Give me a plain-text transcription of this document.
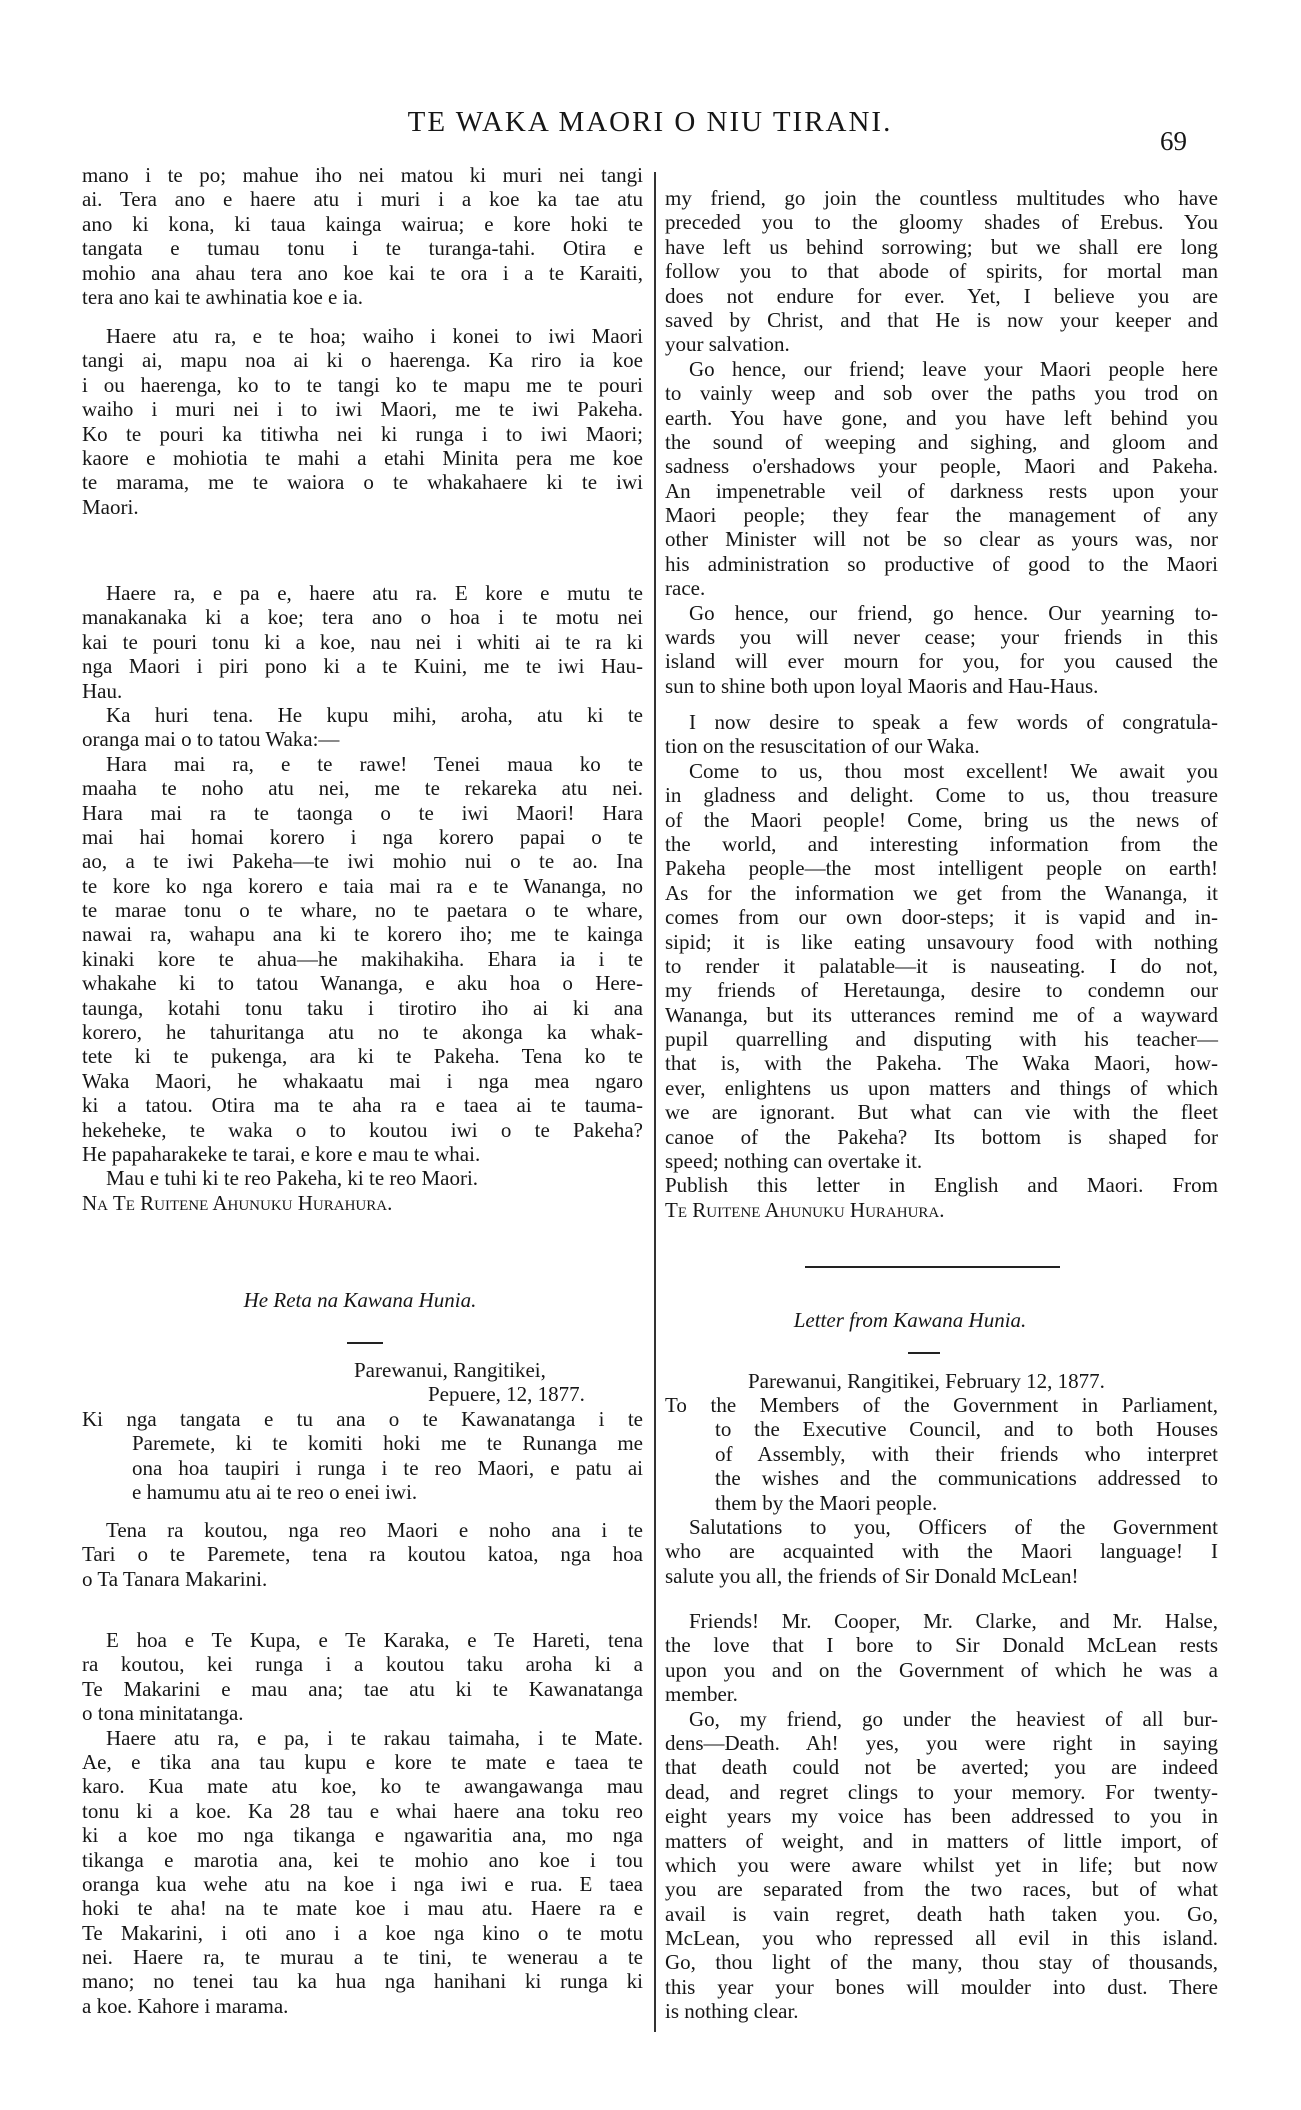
TE WAKA MAORI O NIU TIRANI.
69
mano i te po; mahue iho nei matou ki muri nei tangi
ai. Tera ano e haere atu i muri i a koe ka tae atu
ano ki kona, ki taua kainga wairua; e kore hoki te
tangata e tumau tonu i te turanga-tahi. Otira e
mohio ana ahau tera ano koe kai te ora i a te Karaiti,
tera ano kai te awhinatia koe e ia.
Haere atu ra, e te hoa; waiho i konei to iwi Maori
tangi ai, mapu noa ai ki o haerenga. Ka riro ia koe
i ou haerenga, ko to te tangi ko te mapu me te pouri
waiho i muri nei i to iwi Maori, me te iwi Pakeha.
Ko te pouri ka titiwha nei ki runga i to iwi Maori;
kaore e mohiotia te mahi a etahi Minita pera me koe
te marama, me te waiora o te whakahaere ki te iwi
Maori.
Haere ra, e pa e, haere atu ra. E kore e mutu te
manakanaka ki a koe; tera ano o hoa i te motu nei
kai te pouri tonu ki a koe, nau nei i whiti ai te ra ki
nga Maori i piri pono ki a te Kuini, me te iwi Hau-
Hau.
Ka huri tena. He kupu mihi, aroha, atu ki te
oranga mai o to tatou Waka:—
Hara mai ra, e te rawe! Tenei maua ko te
maaha te noho atu nei, me te rekareka atu nei.
Hara mai ra te taonga o te iwi Maori! Hara
mai hai homai korero i nga korero papai o te
ao, a te iwi Pakeha—te iwi mohio nui o te ao. Ina
te kore ko nga korero e taia mai ra e te Wananga, no
te marae tonu o te whare, no te paetara o te whare,
nawai ra, wahapu ana ki te korero iho; me te kainga
kinaki kore te ahua—he makihakiha. Ehara ia i te
whakahe ki to tatou Wananga, e aku hoa o Here-
taunga, kotahi tonu taku i tirotiro iho ai ki ana
korero, he tahuritanga atu no te akonga ka whak-
tete ki te pukenga, ara ki te Pakeha. Tena ko te
Waka Maori, he whakaatu mai i nga mea ngaro
ki a tatou. Otira ma te aha ra e taea ai te tauma-
hekeheke, te waka o to koutou iwi o te Pakeha?
He papaharakeke te tarai, e kore e mau te whai.
Mau e tuhi ki te reo Pakeha, ki te reo Maori.
Na Te Ruitene Ahunuku Hurahura.
He Reta na Kawana Hunia.
Parewanui, Rangitikei,
Pepuere, 12, 1877.
Ki nga tangata e tu ana o te Kawanatanga i te
Paremete, ki te komiti hoki me te Runanga me
ona hoa taupiri i runga i te reo Maori, e patu ai
e hamumu atu ai te reo o enei iwi.
Tena ra koutou, nga reo Maori e noho ana i te
Tari o te Paremete, tena ra koutou katoa, nga hoa
o Ta Tanara Makarini.
E hoa e Te Kupa, e Te Karaka, e Te Hareti, tena
ra koutou, kei runga i a koutou taku aroha ki a
Te Makarini e mau ana; tae atu ki te Kawanatanga
o tona minitatanga.
Haere atu ra, e pa, i te rakau taimaha, i te Mate.
Ae, e tika ana tau kupu e kore te mate e taea te
karo. Kua mate atu koe, ko te awangawanga mau
tonu ki a koe. Ka 28 tau e whai haere ana toku reo
ki a koe mo nga tikanga e ngawaritia ana, mo nga
tikanga e marotia ana, kei te mohio ano koe i tou
oranga kua wehe atu na koe i nga iwi e rua. E taea
hoki te aha! na te mate koe i mau atu. Haere ra e
Te Makarini, i oti ano i a koe nga kino o te motu
nei. Haere ra, te murau a te tini, te wenerau a te
mano; no tenei tau ka hua nga hanihani ki runga ki
a koe. Kahore i marama.
my friend, go join the countless multitudes who have
preceded you to the gloomy shades of Erebus. You
have left us behind sorrowing; but we shall ere long
follow you to that abode of spirits, for mortal man
does not endure for ever. Yet, I believe you are
saved by Christ, and that He is now your keeper and
your salvation.
Go hence, our friend; leave your Maori people here
to vainly weep and sob over the paths you trod on
earth. You have gone, and you have left behind you
the sound of weeping and sighing, and gloom and
sadness o'ershadows your people, Maori and Pakeha.
An impenetrable veil of darkness rests upon your
Maori people; they fear the management of any
other Minister will not be so clear as yours was, nor
his administration so productive of good to the Maori
race.
Go hence, our friend, go hence. Our yearning to-
wards you will never cease; your friends in this
island will ever mourn for you, for you caused the
sun to shine both upon loyal Maoris and Hau-Haus.
I now desire to speak a few words of congratula-
tion on the resuscitation of our Waka.
Come to us, thou most excellent! We await you
in gladness and delight. Come to us, thou treasure
of the Maori people! Come, bring us the news of
the world, and interesting information from the
Pakeha people—the most intelligent people on earth!
As for the information we get from the Wananga, it
comes from our own door-steps; it is vapid and in-
sipid; it is like eating unsavoury food with nothing
to render it palatable—it is nauseating. I do not,
my friends of Heretaunga, desire to condemn our
Wananga, but its utterances remind me of a wayward
pupil quarrelling and disputing with his teacher—
that is, with the Pakeha. The Waka Maori, how-
ever, enlightens us upon matters and things of which
we are ignorant. But what can vie with the fleet
canoe of the Pakeha? Its bottom is shaped for
speed; nothing can overtake it.
Publish this letter in English and Maori. From
Te Ruitene Ahunuku Hurahura.
Letter from Kawana Hunia.
Parewanui, Rangitikei, February 12, 1877.
To the Members of the Government in Parliament,
to the Executive Council, and to both Houses
of Assembly, with their friends who interpret
the wishes and the communications addressed to
them by the Maori people.
Salutations to you, Officers of the Government
who are acquainted with the Maori language! I
salute you all, the friends of Sir Donald McLean!
Friends! Mr. Cooper, Mr. Clarke, and Mr. Halse,
the love that I bore to Sir Donald McLean rests
upon you and on the Government of which he was a
member.
Go, my friend, go under the heaviest of all bur-
dens—Death. Ah! yes, you were right in saying
that death could not be averted; you are indeed
dead, and regret clings to your memory. For twenty-
eight years my voice has been addressed to you in
matters of weight, and in matters of little import, of
which you were aware whilst yet in life; but now
you are separated from the two races, but of what
avail is vain regret, death hath taken you. Go,
McLean, you who repressed all evil in this island.
Go, thou light of the many, thou stay of thousands,
this year your bones will moulder into dust. There
is nothing clear.
